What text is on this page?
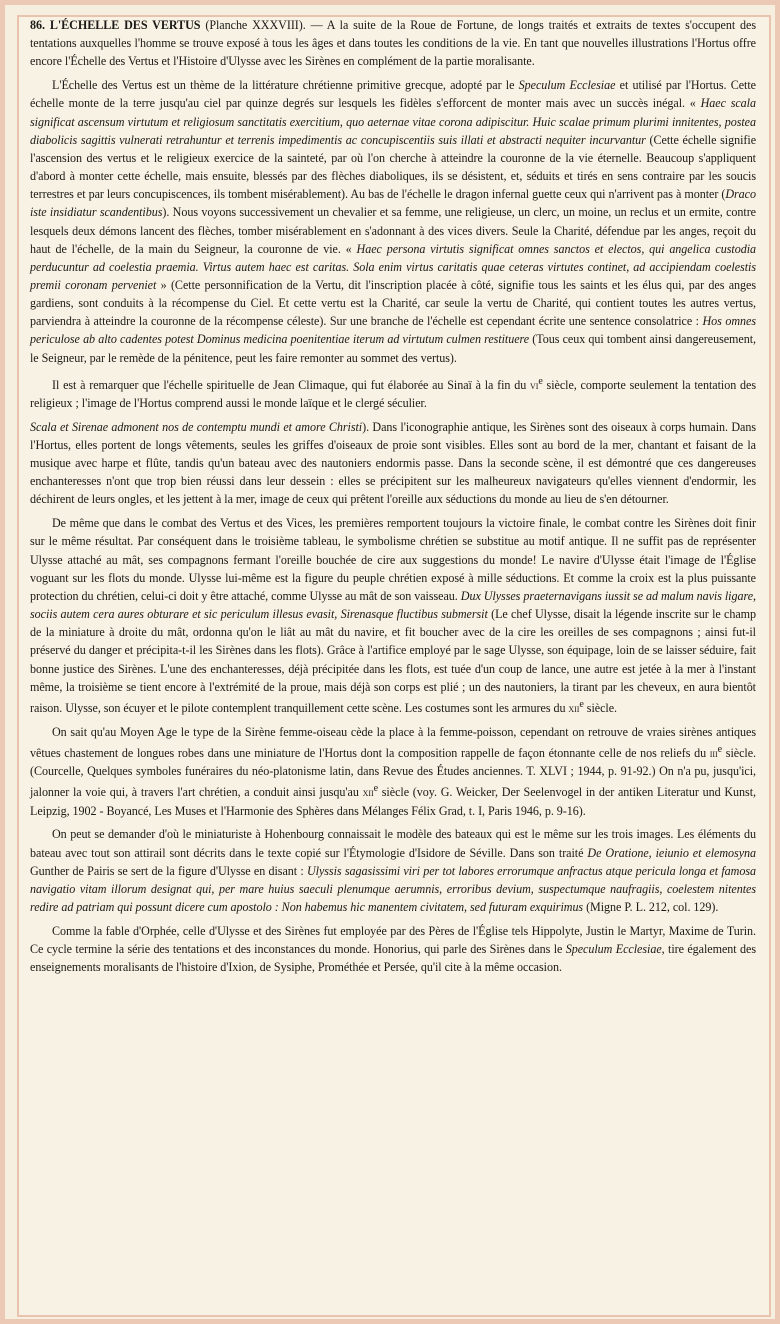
86. L'ÉCHELLE DES VERTUS (Planche XXXVIII). — A la suite de la Roue de Fortune, de longs traités et extraits de textes s'occupent des tentations auxquelles l'homme se trouve exposé à tous les âges et dans toutes les conditions de la vie. En tant que nouvelles illustrations l'Hortus offre encore l'Échelle des Vertus et l'Histoire d'Ulysse avec les Sirènes en complément de la partie moralisante.

L'Échelle des Vertus est un thème de la littérature chrétienne primitive grecque, adopté par le Speculum Ecclesiae et utilisé par l'Hortus. Cette échelle monte de la terre jusqu'au ciel par quinze degrés sur lesquels les fidèles s'efforcent de monter mais avec un succès inégal. « Haec scala significat ascensum virtutum et religiosum sanctitatis exercitium, quo aeternae vitae corona adipiscitur. Huic scalae primum plurimi innitentes, postea diabolicis sagittis vulnerati retrahuntur et terrenis impedimentis ac concupiscentiis suis illati et abstracti nequiter incurvantur (Cette échelle signifie l'ascension des vertus et le religieux exercice de la sainteté, par où l'on cherche à atteindre la couronne de la vie éternelle. Beaucoup s'appliquent d'abord à monter cette échelle, mais ensuite, blessés par des flèches diaboliques, ils se désistent, et, séduits et tirés en sens contraire par les soucis terrestres et par leurs concupiscences, ils tombent misérablement). Au bas de l'échelle le dragon infernal guette ceux qui n'arrivent pas à monter (Draco iste insidiatur scandentibus). Nous voyons successivement un chevalier et sa femme, une religieuse, un clerc, un moine, un reclus et un ermite, contre lesquels deux démons lancent des flèches, tomber misérablement en s'adonnant à des vices divers. Seule la Charité, défendue par les anges, reçoit du haut de l'échelle, de la main du Seigneur, la couronne de vie. « Haec persona virtutis significat omnes sanctos et electos, qui angelica custodia perducuntur ad coelestia praemia. Virtus autem haec est caritas. Sola enim virtus caritatis quae ceteras virtutes continet, ad accipiendam coelestis premii coronam perveniet » (Cette personnification de la Vertu, dit l'inscription placée à côté, signifie tous les saints et les élus qui, par des anges gardiens, sont conduits à la récompense du Ciel. Et cette vertu est la Charité, car seule la vertu de Charité, qui contient toutes les autres vertus, parviendra à atteindre la couronne de la récompense céleste). Sur une branche de l'échelle est cependant écrite une sentence consolatrice : Hos omnes periculose ab alto cadentes potest Dominus medicina poenitentiae iterum ad virtutum culmen restituere (Tous ceux qui tombent ainsi dangereusement, le Seigneur, par le remède de la pénitence, peut les faire remonter au sommet des vertus).

Il est à remarquer que l'échelle spirituelle de Jean Climaque, qui fut élaborée au Sinaï à la fin du $vi^e$ siècle, comporte seulement la tentation des religieux ; l'image de l'Hortus comprend aussi le monde laïque et le clergé séculier.

Scala et Sirenae admonent nos de contemptu mundi et amore Christi). Dans l'iconographie antique, les Sirènes sont des oiseaux à corps humain. Dans l'Hortus, elles portent de longs vêtements, seules les griffes d'oiseaux de proie sont visibles. Elles sont au bord de la mer, chantant et faisant de la musique avec harpe et flûte, tandis qu'un bateau avec des nautoniers endormis passe. Dans la seconde scène, il est démontré que ces dangereuses enchanteresses n'ont que trop bien réussi dans leur dessein : elles se précipitent sur les malheureux navigateurs qu'elles viennent d'endormir, les déchirent de leurs ongles, et les jettent à la mer, image de ceux qui prêtent l'oreille aux séductions du monde au lieu de s'en détourner.

De même que dans le combat des Vertus et des Vices, les premières remportent toujours la victoire finale, le combat contre les Sirènes doit finir sur le même résultat. Par conséquent dans le troisième tableau, le symbolisme chrétien se substitue au motif antique. Il ne suffit pas de représenter Ulysse attaché au mât, ses compagnons fermant l'oreille bouchée de cire aux suggestions du monde! Le navire d'Ulysse était l'image de l'Église voguant sur les flots du monde. Ulysse lui-même est la figure du peuple chrétien exposé à mille séductions. Et comme la croix est la plus puissante protection du chrétien, celui-ci doit y être attaché, comme Ulysse au mât de son vaisseau. Dux Ulysses praeternavigans iussit se ad malum navis ligare, sociis autem cera aures obturare et sic periculum illesus evasit, Sirenasque fluctibus submersit (Le chef Ulysse, disait la légende inscrite sur le champ de la miniature à droite du mât, ordonna qu'on le liât au mât du navire, et fit boucher avec de la cire les oreilles de ses compagnons ; ainsi fut-il préservé du danger et précipita-t-il les Sirènes dans les flots). Grâce à l'artifice employé par le sage Ulysse, son équipage, loin de se laisser séduire, fait bonne justice des Sirènes. L'une des enchanteresses, déjà précipitée dans les flots, est tuée d'un coup de lance, une autre est jetée à la mer à l'instant même, la troisième se tient encore à l'extrémité de la proue, mais déjà son corps est plié ; un des nautoniers, la tirant par les cheveux, en aura bientôt raison. Ulysse, son écuyer et le pilote contemplent tranquillement cette scène. Les costumes sont les armures du xii$^e$ siècle.

On sait qu'au Moyen Age le type de la Sirène femme-oiseau cède la place à la femme-poisson, cependant on retrouve de vraies sirènes antiques vêtues chastement de longues robes dans une miniature de l'Hortus dont la composition rappelle de façon étonnante celle de nos reliefs du iii$^e$ siècle. (Courcelle, Quelques symboles funéraires du néo-platonisme latin, dans Revue des Études anciennes. T. XLVI ; 1944, p. 91-92.) On n'a pu, jusqu'ici, jalonner la voie qui, à travers l'art chrétien, a conduit ainsi jusqu'au xii$^e$ siècle (voy. G. Weicker, Der Seelenvogel in der antiken Literatur und Kunst, Leipzig, 1902 - Boyancé, Les Muses et l'Harmonie des Sphères dans Mélanges Félix Grad, t. I, Paris 1946, p. 9-16).

On peut se demander d'où le miniaturiste à Hohenbourg connaissait le modèle des bateaux qui est le même sur les trois images. Les éléments du bateau avec tout son attirail sont décrits dans le texte copié sur l'Étymologie d'Isidore de Séville. Dans son traité De Oratione, ieiunio et elemosyna Gunther de Pairis se sert de la figure d'Ulysse en disant : Ulyssis sagasissimi viri per tot labores errorumque anfractus atque pericula longa et famosa navigatio vitam illorum designat qui, per mare huius saeculi plenumque aerumnis, erroribus devium, suspectumque naufragiis, coelestem nitentes redire ad patriam qui possunt dicere cum apostolo : Non habemus hic manentem civitatem, sed futuram exquirimus (Migne P. L. 212, col. 129).

Comme la fable d'Orphée, celle d'Ulysse et des Sirènes fut employée par des Pères de l'Église tels Hippolyte, Justin le Martyr, Maxime de Turin. Ce cycle termine la série des tentations et des inconstances du monde. Honorius, qui parle des Sirènes dans le Speculum Ecclesiae, tire également des enseignements moralisants de l'histoire d'Ixion, de Sysiphe, Prométhée et Persée, qu'il cite à la même occasion.
